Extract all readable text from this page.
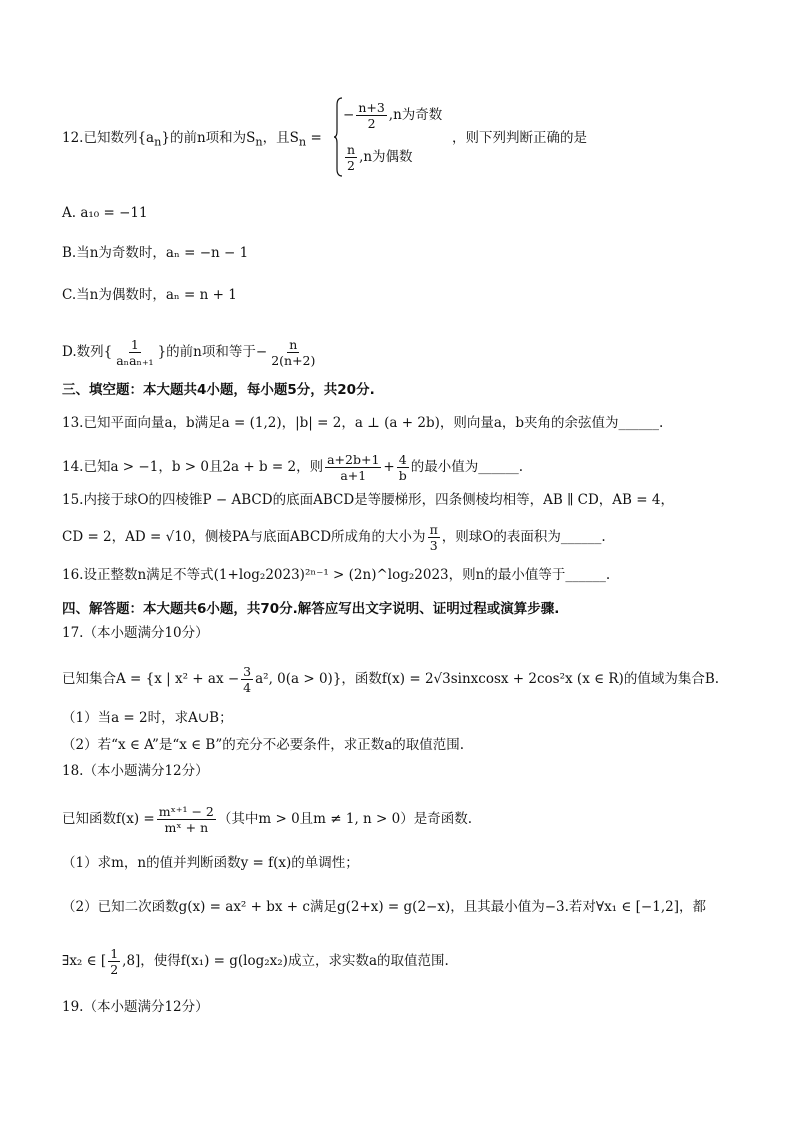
12.已知数列$\{a_n\}$的前n项和为$S_n$，且$S_n$ =
− $\frac{n+3}{2} ,n$为奇数
$\frac{n}{2} ,n$为偶数
，则下列判断正确的是
A. a₁₀ = −11
B.当n为奇数时，aₙ = −n − 1
C.当n为偶数时，aₙ = n + 1
D.数列{ $\frac{1}{\text{aₙaₙ₊₁}}$ }的前n项和等于− $\frac{n}{2(n+2)}$
三、填空题：本大题共4小题，每小题5分，共20分.
13.已知平面向量a，b满足a = (1,2)，|b| = 2，a ⊥ (a + 2b)，则向量a，b夹角的余弦值为______.
14.已知a > −1，b > 0且2a + b = 2，则 $\frac{a+2b+1}{a+1} + \frac{4}{b}$ 的最小值为______.
15.内接于球O的四棱锥P − ABCD的底面ABCD是等腰梯形，四条侧棱均相等，AB ∥ CD，AB = 4，
CD = 2，AD = √10，侧棱PA与底面ABCD所成角的大小为 $\frac{\pi}{3}$ ，则球O的表面积为______.
16.设正整数n满足不等式(1+log₂2023)²ⁿ⁻¹ > (2n)^log₂2023，则n的最小值等于______.
四、解答题：本大题共6小题，共70分.解答应写出文字说明、证明过程或演算步骤.
17.（本小题满分10分）
已知集合A = {x | x² + ax − $\frac{3}{4} a^2$, 0(a > 0)}，函数f(x) = 2√3sinxcosx + 2cos²x (x ∈ R)的值域为集合B.
（1）当a = 2时，求A∪B；
（2）若“x ∈ A”是“x ∈ B”的充分不必要条件，求正数a的取值范围.
18.（本小题满分12分）
已知函数$f(x) = \frac{\text{mˣ⁺¹ − 2}}{\text{mˣ + n}}$ （其中m > 0且m ≠ 1, n > 0）是奇函数.
（1）求m，n的值并判断函数y = f(x)的单调性；
（2）已知二次函数g(x) = ax² + bx + c满足g(2+x) = g(2−x)，且其最小值为−3.若对∀x₁ ∈ [−1,2]，都
∃x₂ ∈ [ $\frac{1}{2} ,8$]，使得f(x₁) = g(log₂x₂)成立，求实数a的取值范围.
19.（本小题满分12分）
